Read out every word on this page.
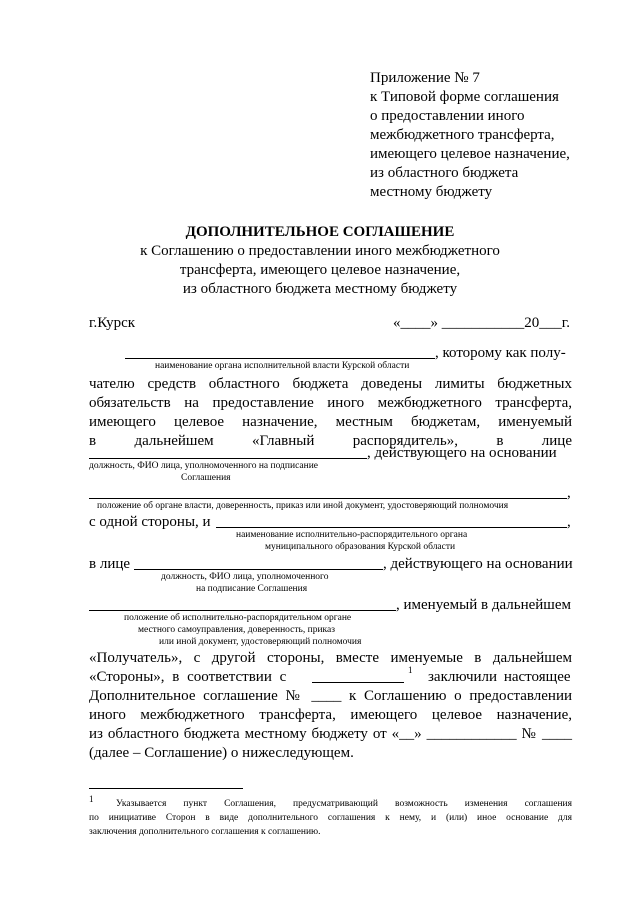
Приложение № 7
к Типовой форме соглашения
о предоставлении иного
межбюджетного трансферта,
имеющего целевое назначение,
из областного бюджета
местному бюджету
ДОПОЛНИТЕЛЬНОЕ СОГЛАШЕНИЕ
к Соглашению о предоставлении иного межбюджетного
трансферта, имеющего целевое назначение,
из областного бюджета местному бюджету
г.Курск	«____» ___________20___г.
, которому как полу-
наименование органа исполнительной власти Курской области
чателю средств областного бюджета доведены лимиты бюджетных
обязательств на предоставление иного межбюджетного трансферта,
имеющего целевое назначение, местным бюджетам, именуемый
в дальнейшем «Главный распорядитель», в лице
, действующего на основании
должность, ФИО лица, уполномоченного на подписание
Соглашения
,
положение об органе власти, доверенность, приказ или иной документ, удостоверяющий полномочия
с одной стороны, и	,
наименование исполнительно-распорядительного органа
муниципального образования Курской области
в лице	, действующего на основании
должность, ФИО лица, уполномоченного
на подписание Соглашения
, именуемый в дальнейшем
положение об исполнительно-распорядительном органе
местного самоуправления, доверенность, приказ
или иной документ, удостоверяющий полномочия
«Получатель», с другой стороны, вместе именуемые в дальнейшем
«Стороны», в соответствии с	1 заключили настоящее
Дополнительное соглашение № ____ к Соглашению о предоставлении
иного межбюджетного трансферта, имеющего целевое назначение,
из областного бюджета местному бюджету от «__» ____________ № ____
(далее – Соглашение) о нижеследующем.
1 Указывается пункт Соглашения, предусматривающий возможность изменения соглашения
по инициативе Сторон в виде дополнительного соглашения к нему, и (или) иное основание для
заключения дополнительного соглашения к соглашению.
